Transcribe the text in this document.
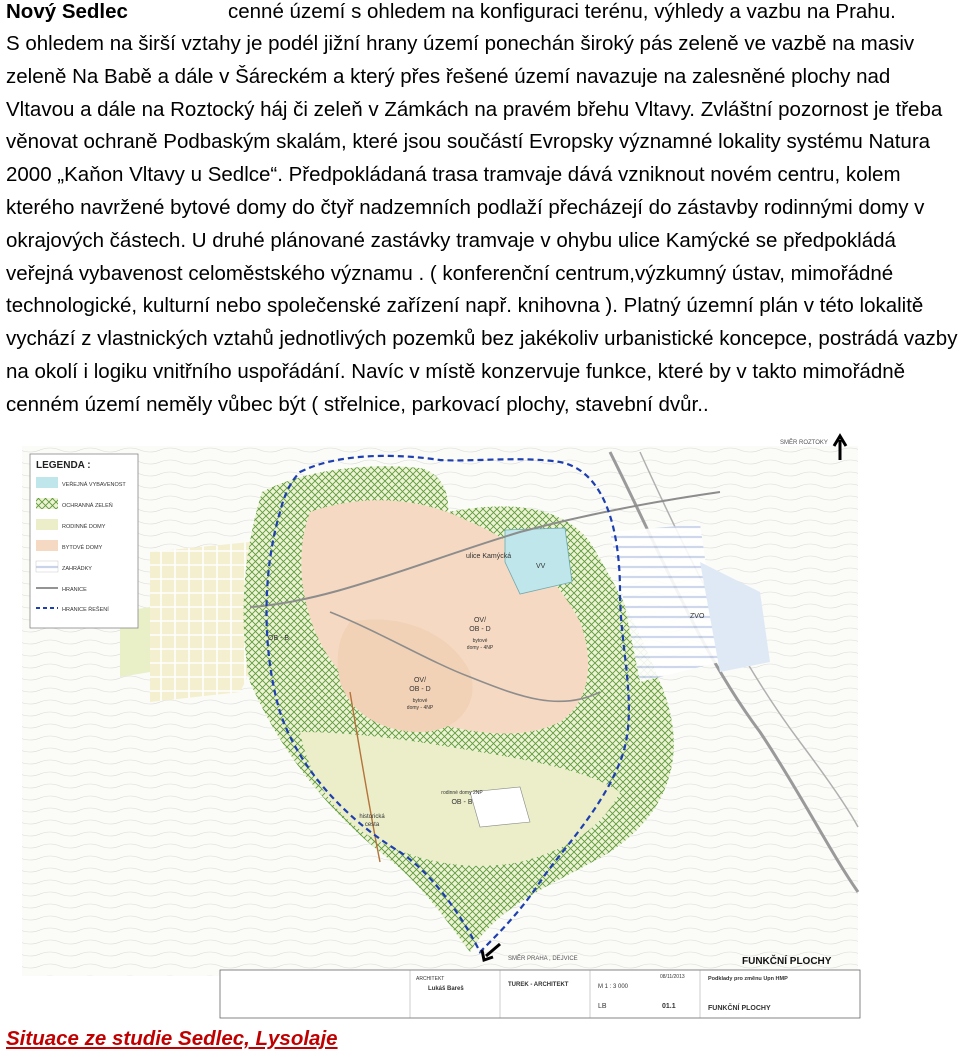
Nový Sedlec	cenné území s ohledem na konfiguraci terénu, výhledy a vazbu na Prahu.

S ohledem na širší vztahy je podél jižní hrany území ponechán široký pás zeleně ve vazbě na masiv zeleně Na Babě a dále v Šáreckém a který přes řešené území navazuje na zalesněné plochy nad Vltavou a dále na Roztocký háj či zeleň v Zámkách na pravém břehu Vltavy. Zvláštní pozornost je třeba věnovat ochraně Podbaským skalám, které jsou součástí Evropsky významné lokality systému Natura 2000 „Kaňon Vltavy u Sedlce“. Předpokládaná trasa tramvaje dává vzniknout novém centru, kolem kterého navržené bytové domy do čtyř nadzemních podlaží přecházejí do zástavby rodinnými domy v okrajových částech. U druhé plánované zastávky tramvaje v ohybu ulice Kamýcké se předpokládá veřejná vybavenost celoměstského významu . ( konferenční centrum,výzkumný ústav, mimořádné technologické, kulturní nebo společenské zařízení např. knihovna ). Platný územní plán v této lokalitě vychází z vlastnických vztahů jednotlivých pozemků bez jakékoliv urbanistické koncepce, postrádá vazby na okolí i logiku vnitřního uspořádání. Navíc v místě konzervuje funkce, které by v takto mimořádně cenném území neměly vůbec být ( střelnice, parkovací plochy, stavební dvůr..

LEGENDA :
VEŘEJNÁ VYBAVENOST
OCHRANNÁ ZELEŇ
RODINNÉ DOMY
BYTOVÉ DOMY
ZAHRÁDKY
HRANICE
HRANICE ŘEŠENÍ
ulice Kamýcká
VV
ZVO
OB - B
OV/
OB - D
bytové
domy - 4NP
OV/
OB - D
bytové
domy - 4NP
rodinné domy 2NP
OB - B
historická
cesta
SMĚR ROZTOKY
SMĚR PRAHA , DEJVICE	FUNKČNÍ PLOCHY
ARCHITEKT
Lukáš Bareš
TUREK - ARCHITEKT	M 1 : 3 000
08/11/2013
LB	01.1
Podklady pro změnu Upn HMP
FUNKČNÍ PLOCHY
Situace ze studie Sedlec, Lysolaje
